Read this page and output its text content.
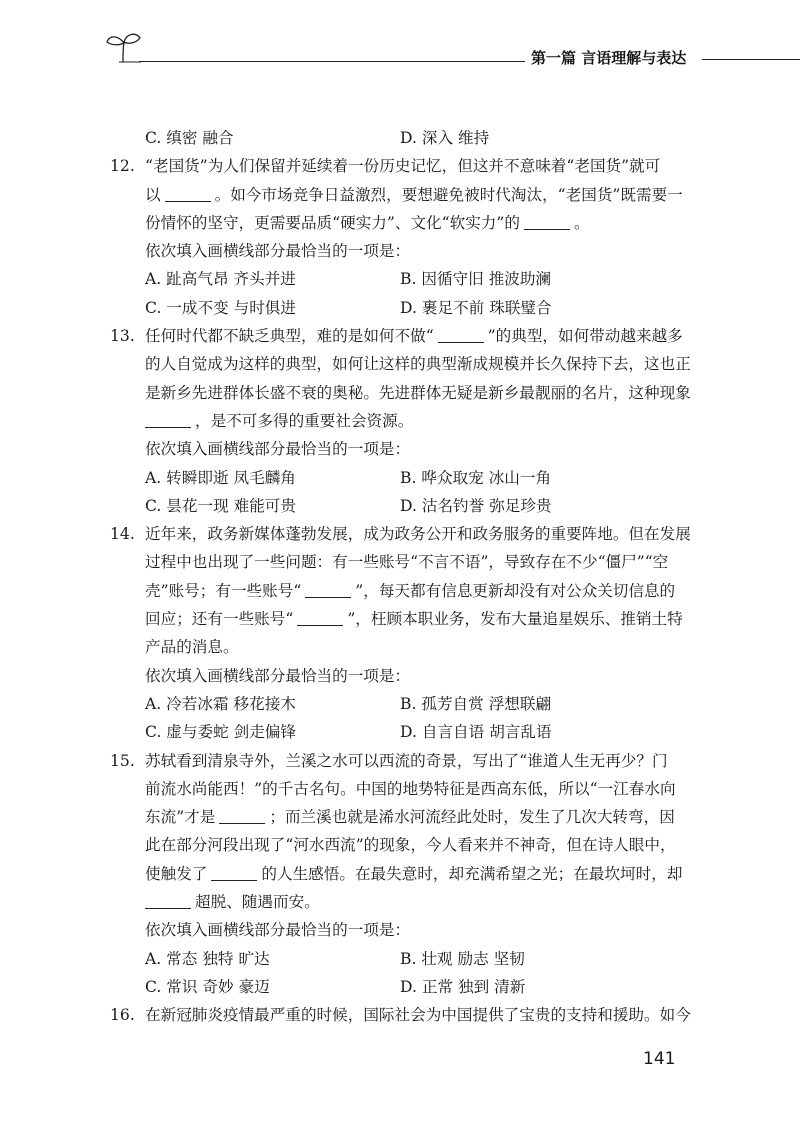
第一篇 言语理解与表达
C. 缜密 融合	D. 深入 维持
12. “老国货”为人们保留并延续着一份历史记忆，但这并不意味着“老国货”就可
以	。如今市场竞争日益激烈，要想避免被时代淘汰，“老国货”既需要一
份情怀的坚守，更需要品质“硬实力”、文化“软实力”的	。
依次填入画横线部分最恰当的一项是：
A. 趾高气昂 齐头并进	B. 因循守旧 推波助澜
C. 一成不变 与时俱进	D. 裹足不前 珠联璧合
13. 任何时代都不缺乏典型，难的是如何不做“	”的典型，如何带动越来越多
的人自觉成为这样的典型，如何让这样的典型渐成规模并长久保持下去，这也正
是新乡先进群体长盛不衰的奥秘。先进群体无疑是新乡最靓丽的名片，这种现象
，是不可多得的重要社会资源。
依次填入画横线部分最恰当的一项是：
A. 转瞬即逝 凤毛麟角	B. 哗众取宠 冰山一角
C. 昙花一现 难能可贵	D. 沽名钓誉 弥足珍贵
14. 近年来，政务新媒体蓬勃发展，成为政务公开和政务服务的重要阵地。但在发展
过程中也出现了一些问题：有一些账号“不言不语”，导致存在不少“僵尸”“空
壳”账号；有一些账号“	”，每天都有信息更新却没有对公众关切信息的
回应；还有一些账号“	”，枉顾本职业务，发布大量追星娱乐、推销土特
产品的消息。
依次填入画横线部分最恰当的一项是：
A. 冷若冰霜 移花接木	B. 孤芳自赏 浮想联翩
C. 虚与委蛇 剑走偏锋	D. 自言自语 胡言乱语
15. 苏轼看到清泉寺外，兰溪之水可以西流的奇景，写出了“谁道人生无再少？门
前流水尚能西！”的千古名句。中国的地势特征是西高东低，所以“一江春水向
东流”才是	；而兰溪也就是浠水河流经此处时，发生了几次大转弯，因
此在部分河段出现了“河水西流”的现象，今人看来并不神奇，但在诗人眼中，
使触发了	的人生感悟。在最失意时，却充满希望之光；在最坎坷时，却
超脱、随遇而安。
依次填入画横线部分最恰当的一项是：
A. 常态 独特 旷达	B. 壮观 励志 坚韧
C. 常识 奇妙 豪迈	D. 正常 独到 清新
16. 在新冠肺炎疫情最严重的时候，国际社会为中国提供了宝贵的支持和援助。如今
141
